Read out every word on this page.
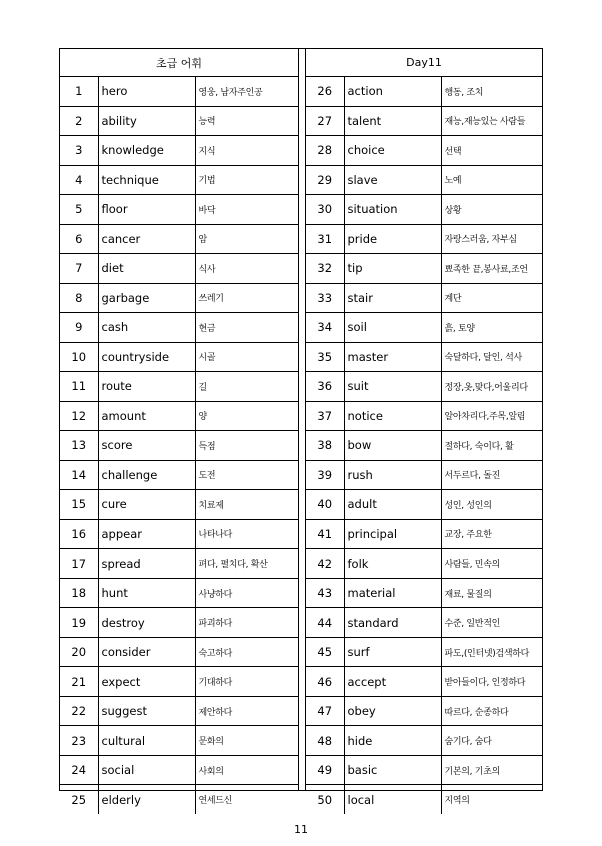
초급 어휘		
1	hero	영웅, 남자주인공
2	ability	능력
3	knowledge	지식
4	technique	기법
5	floor	바닥
6	cancer	암
7	diet	식사
8	garbage	쓰레기
9	cash	현금
10	countryside	시골
11	route	길
12	amount	양
13	score	득점
14	challenge	도전
15	cure	치료제
16	appear	나타나다
17	spread	펴다, 펼치다, 확산
18	hunt	사냥하다
19	destroy	파괴하다
20	consider	숙고하다
21	expect	기대하다
22	suggest	제안하다
23	cultural	문화의
24	social	사회의
25	elderly	연세드신
Day11		
26	action	행동, 조치
27	talent	재능,재능있는 사람들
28	choice	선택
29	slave	노예
30	situation	상황
31	pride	자랑스러움, 자부심
32	tip	뾰족한 끝,봉사료,조언
33	stair	계단
34	soil	흙, 토양
35	master	숙달하다, 달인, 석사
36	suit	정장,옷,맞다,어울리다
37	notice	알아차리다,주목,알림
38	bow	절하다, 숙이다, 활
39	rush	서두르다, 돌진
40	adult	성인, 성인의
41	principal	교장, 주요한
42	folk	사람들, 민속의
43	material	재료, 물질의
44	standard	수준, 일반적인
45	surf	파도,(인터넷)검색하다
46	accept	받아들이다, 인정하다
47	obey	따르다, 순종하다
48	hide	숨기다, 숨다
49	basic	기본의, 기초의
50	local	지역의
11
